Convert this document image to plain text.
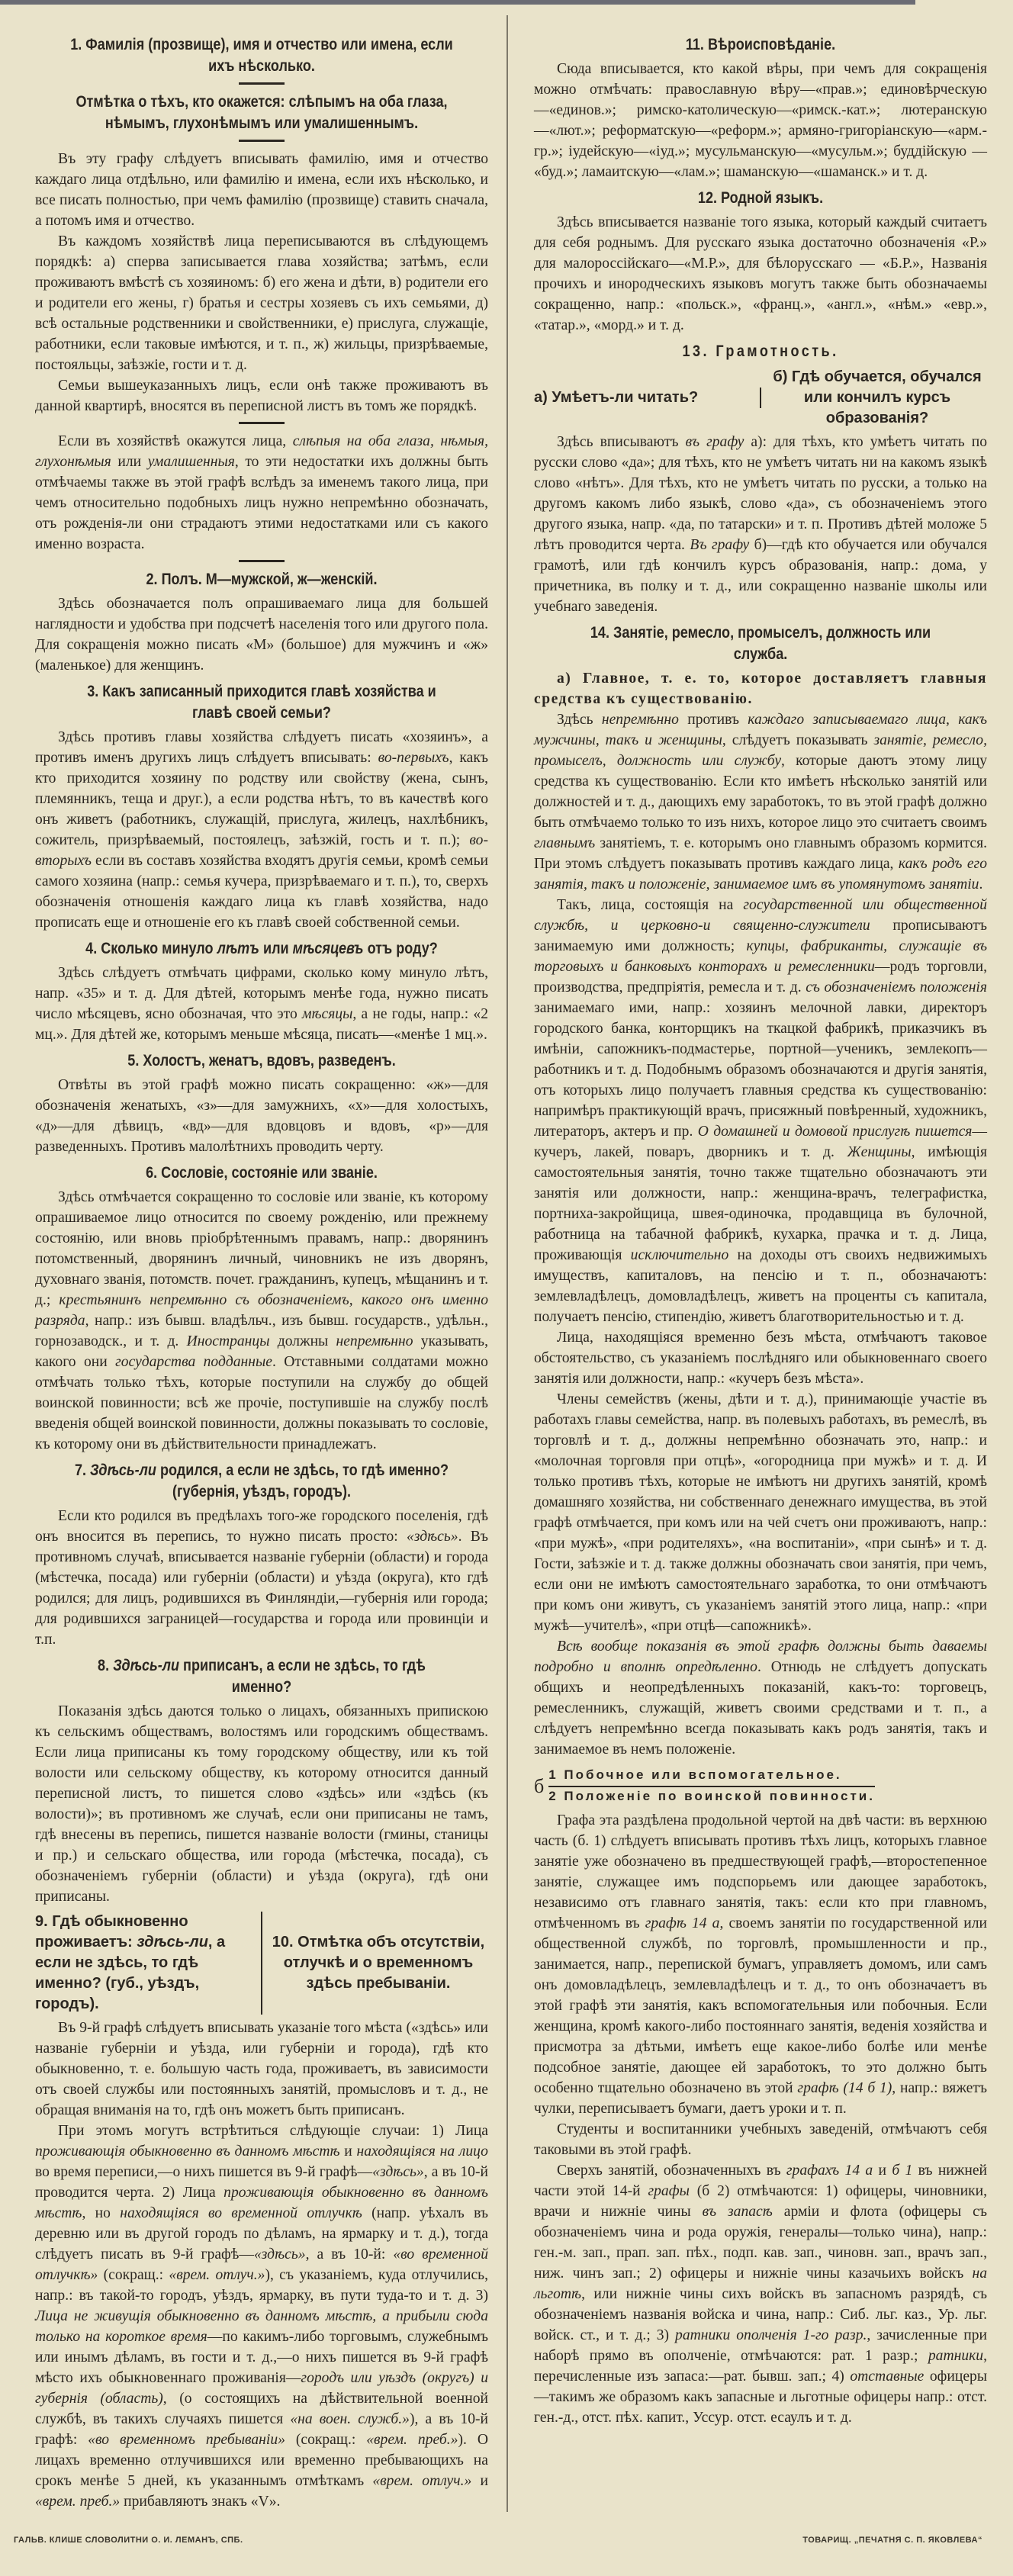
1. Фамилія (прозвище), имя и отчество или имена, если ихъ нѣсколько.
Отмѣтка о тѣхъ, кто окажется: слѣпымъ на оба глаза, нѣмымъ, глухонѣмымъ или умалишеннымъ.
Въ эту графу слѣдуетъ вписывать фамилію, имя и отчество каждаго лица отдѣльно, или фамилію и имена, если ихъ нѣсколько, и все писать полностью, при чемъ фамилію (прозвище) ставить сначала, а потомъ имя и отчество.
Въ каждомъ хозяйствѣ лица переписываются въ слѣдующемъ порядкѣ: а) сперва записывается глава хозяйства; затѣмъ, если проживаютъ вмѣстѣ съ хозяиномъ: б) его жена и дѣти, в) родители его и родители его жены, г) братья и сестры хозяевъ съ ихъ семьями, д) всѣ остальные родственники и свойственники, е) прислуга, служащіе, работники, если таковые имѣются, и т. п., ж) жильцы, призрѣваемые, постояльцы, заѣзжіе, гости и т. д.
Семьи вышеуказанныхъ лицъ, если онѣ также проживаютъ въ данной квартирѣ, вносятся въ переписной листъ въ томъ же порядкѣ.
Если въ хозяйствѣ окажутся лица, слѣпыя на оба глаза, нѣмыя, глухонѣмыя или умалишенныя, то эти недостатки ихъ должны быть отмѣчаемы также въ этой графѣ вслѣдъ за именемъ такого лица, при чемъ относительно подобныхъ лицъ нужно непремѣнно обозначать, отъ рожденія-ли они страдаютъ этими недостатками или съ какого именно возраста.
2. Полъ. М—мужской, ж—женскій.
Здѣсь обозначается полъ опрашиваемаго лица для большей наглядности и удобства при подсчетѣ населенія того или другого пола. Для сокращенія можно писать «М» (большое) для мужчинъ и «ж» (маленькое) для женщинъ.
3. Какъ записанный приходится главѣ хозяйства и главѣ своей семьи?
Здѣсь противъ главы хозяйства слѣдуетъ писать «хозяинъ», а противъ именъ другихъ лицъ слѣдуетъ вписывать: во-первыхъ, какъ кто приходится хозяину по родству или свойству (жена, сынъ, племянникъ, теща и друг.), а если родства нѣтъ, то въ качествѣ кого онъ живетъ (работникъ, служащій, прислуга, жилецъ, нахлѣбникъ, сожитель, призрѣваемый, постоялецъ, заѣзжій, гость и т. п.); во-вторыхъ если въ составъ хозяйства входятъ другія семьи, кромѣ семьи самого хозяина (напр.: семья кучера, призрѣваемаго и т. п.), то, сверхъ обозначенія отношенія каждаго лица къ главѣ хозяйства, надо прописать еще и отношеніе его къ главѣ своей собственной семьи.
4. Сколько минуло лѣтъ или мѣсяцевъ отъ роду?
Здѣсь слѣдуетъ отмѣчать цифрами, сколько кому минуло лѣтъ, напр. «35» и т. д. Для дѣтей, которымъ менѣе года, нужно писать число мѣсяцевъ, ясно обозначая, что это мѣсяцы, а не годы, напр.: «2 мц.». Для дѣтей же, которымъ меньше мѣсяца, писать—«менѣе 1 мц.».
5. Холостъ, женатъ, вдовъ, разведенъ.
Отвѣты въ этой графѣ можно писать сокращенно: «ж»—для обозначенія женатыхъ, «з»—для замужнихъ, «х»—для холостыхъ, «д»—для дѣвицъ, «вд»—для вдовцовъ и вдовъ, «р»—для разведенныхъ. Противъ малолѣтнихъ проводить черту.
6. Сословіе, состояніе или званіе.
Здѣсь отмѣчается сокращенно то сословіе или званіе, къ которому опрашиваемое лицо относится по своему рожденію, или прежнему состоянію, или вновь пріобрѣтеннымъ правамъ, напр.: дворянинъ потомственный, дворянинъ личный, чиновникъ не изъ дворянъ, духовнаго званія, потомств. почет. гражданинъ, купецъ, мѣщанинъ и т. д.; крестьянинъ непремѣнно съ обозначеніемъ, какого онъ именно разряда, напр.: изъ бывш. владѣльч., изъ бывш. государств., удѣльн., горнозаводск., и т. д. Иностранцы должны непремѣнно указывать, какого они государства подданные. Отставными солдатами можно отмѣчать только тѣхъ, которые поступили на службу до общей воинской повинности; всѣ же прочіе, поступившіе на службу послѣ введенія общей воинской повинности, должны показывать то сословіе, къ которому они въ дѣйствительности принадлежатъ.
7. Здѣсь-ли родился, а если не здѣсь, то гдѣ именно? (губернія, уѣздъ, городъ).
Если кто родился въ предѣлахъ того-же городского поселенія, гдѣ онъ вносится въ перепись, то нужно писать просто: «здѣсь». Въ противномъ случаѣ, вписывается названіе губерніи (области) и города (мѣстечка, посада) или губерніи (области) и уѣзда (округа), кто гдѣ родился; для лицъ, родившихся въ Финляндіи,—губернія или города; для родившихся заграницей—государства и города или провинціи и т.п.
8. Здѣсь-ли приписанъ, а если не здѣсь, то гдѣ именно?
Показанія здѣсь даются только о лицахъ, обязанныхъ припискою къ сельскимъ обществамъ, волостямъ или городскимъ обществамъ. Если лица приписаны къ тому городскому обществу, или къ той волости или сельскому обществу, къ которому относится данный переписной листъ, то пишется слово «здѣсь» или «здѣсь (къ волости)»; въ противномъ же случаѣ, если они приписаны не тамъ, гдѣ внесены въ перепись, пишется названіе волости (гмины, станицы и пр.) и сельскаго общества, или города (мѣстечка, посада), съ обозначеніемъ губерніи (области) и уѣзда (округа), гдѣ они приписаны.
9. Гдѣ обыкновенно проживаетъ: здѣсь-ли, а если не здѣсь, то гдѣ именно? (губ., уѣздъ, городъ).
10. Отмѣтка объ отсутствіи, отлучкѣ и о временномъ здѣсь пребываніи.
Въ 9-й графѣ слѣдуетъ вписывать указаніе того мѣста («здѣсь» или названіе губерніи и уѣзда, или губерніи и города), гдѣ кто обыкновенно, т. е. большую часть года, проживаетъ, въ зависимости отъ своей службы или постоянныхъ занятій, промысловъ и т. д., не обращая вниманія на то, гдѣ онъ можетъ быть приписанъ.
При этомъ могутъ встрѣтиться слѣдующіе случаи: 1) Лица проживающія обыкновенно въ данномъ мѣстѣ и находящіяся на лицо во время переписи,—о нихъ пишется въ 9-й графѣ—«здѣсь», а въ 10-й проводится черта. 2) Лица проживающія обыкновенно въ данномъ мѣстѣ, но находящіяся во временной отлучкѣ (напр. уѣхалъ въ деревню или въ другой городъ по дѣламъ, на ярмарку и т. д.), тогда слѣдуетъ писать въ 9-й графѣ—«здѣсь», а въ 10-й: «во временной отлучкѣ» (сокращ.: «врем. отлуч.»), съ указаніемъ, куда отлучились, напр.: въ такой-то городъ, уѣздъ, ярмарку, въ пути туда-то и т. д. 3) Лица не живущія обыкновенно въ данномъ мѣстѣ, а прибыли сюда только на короткое время—по какимъ-либо торговымъ, служебнымъ или инымъ дѣламъ, въ гости и т. д.,—о нихъ пишется въ 9-й графѣ мѣсто ихъ обыкновеннаго проживанія—городъ или уѣздъ (округъ) и губернія (область), (о состоящихъ на дѣйствительной военной службѣ, въ такихъ случаяхъ пишется «на воен. служб.»), а въ 10-й графѣ: «во временномъ пребываніи» (сокращ.: «врем. преб.»). О лицахъ временно отлучившихся или временно пребывающихъ на срокъ менѣе 5 дней, къ указаннымъ отмѣткамъ «врем. отлуч.» и «врем. преб.» прибавляютъ знакъ «V».
11. Вѣроисповѣданіе.
Сюда вписывается, кто какой вѣры, при чемъ для сокращенія можно отмѣчать: православную вѣру—«прав.»; единовѣрческую—«единов.»; римско-католическую—«римск.-кат.»; лютеранскую—«лют.»; реформатскую—«реформ.»; армяно-григоріанскую—«арм.-гр.»; іудейскую—«іуд.»; мусульманскую—«мусульм.»; буддійскую — «буд.»; ламаитскую—«лам.»; шаманскую—«шаманск.» и т. д.
12. Родной языкъ.
Здѣсь вписывается названіе того языка, который каждый считаетъ для себя роднымъ. Для русскаго языка достаточно обозначенія «Р.» для малороссійскаго—«М.Р.», для бѣлорусскаго — «Б.Р.», Названія прочихъ и инородческихъ языковъ могутъ также быть обозначаемы сокращенно, напр.: «польск.», «франц.», «англ.», «нѣм.» «евр.», «татар.», «морд.» и т. д.
13. Грамотность.
а) Умѣетъ-ли читать?
б) Гдѣ обучается, обучался или кончилъ курсъ образованія?
Здѣсь вписываютъ въ графу а): для тѣхъ, кто умѣетъ читать по русски слово «да»; для тѣхъ, кто не умѣетъ читать ни на какомъ языкѣ слово «нѣтъ». Для тѣхъ, кто не умѣетъ читать по русски, а только на другомъ какомъ либо языкѣ, слово «да», съ обозначеніемъ этого другого языка, напр. «да, по татарски» и т. п. Противъ дѣтей моложе 5 лѣтъ проводится черта. Въ графу б)—гдѣ кто обучается или обучался грамотѣ, или гдѣ кончилъ курсъ образованія, напр.: дома, у причетника, въ полку и т. д., или сокращенно названіе школы или учебнаго заведенія.
14. Занятіе, ремесло, промыселъ, должность или служба.
а) Главное, т. е. то, которое доставляетъ главныя средства къ существованію.
Здѣсь непремѣнно противъ каждаго записываемаго лица, какъ мужчины, такъ и женщины, слѣдуетъ показывать занятіе, ремесло, промыселъ, должность или службу, которые даютъ этому лицу средства къ существованію. Если кто имѣетъ нѣсколько занятій или должностей и т. д., дающихъ ему заработокъ, то въ этой графѣ должно быть отмѣчаемо только то изъ нихъ, которое лицо это считаетъ своимъ главнымъ занятіемъ, т. е. которымъ оно главнымъ образомъ кормится. При этомъ слѣдуетъ показывать противъ каждаго лица, какъ родъ его занятія, такъ и положеніе, занимаемое имъ въ упомянутомъ занятіи.
Такъ, лица, состоящія на государственной или общественной службѣ, и церковно-и священно-служители прописываютъ занимаемую ими должность; купцы, фабриканты, служащіе въ торговыхъ и банковыхъ конторахъ и ремесленники—родъ торговли, производства, предпріятія, ремесла и т. д. съ обозначеніемъ положенія занимаемаго ими, напр.: хозяинъ мелочной лавки, директоръ городского банка, конторщикъ на ткацкой фабрикѣ, приказчикъ въ имѣніи, сапожникъ-подмастерье, портной—ученикъ, землекопъ—работникъ и т. д. Подобнымъ образомъ обозначаются и другія занятія, отъ которыхъ лицо получаетъ главныя средства къ существованію: напримѣръ практикующій врачъ, присяжный повѣренный, художникъ, литераторъ, актеръ и пр. О домашней и домовой прислугѣ пишется—кучеръ, лакей, поваръ, дворникъ и т. д. Женщины, имѣющія самостоятельныя занятія, точно также тщательно обозначаютъ эти занятія или должности, напр.: женщина-врачъ, телеграфистка, портниха-закройщица, швея-одиночка, продавщица въ булочной, работница на табачной фабрикѣ, кухарка, прачка и т. д. Лица, проживающія исключительно на доходы отъ своихъ недвижимыхъ имуществъ, капиталовъ, на пенсію и т. п., обозначаютъ: землевладѣлецъ, домовладѣлецъ, живетъ на проценты съ капитала, получаетъ пенсію, стипендію, живетъ благотворительностью и т. д.
Лица, находящіяся временно безъ мѣста, отмѣчаютъ таковое обстоятельство, съ указаніемъ послѣдняго или обыкновеннаго своего занятія или должности, напр.: «кучеръ безъ мѣста».
Члены семействъ (жены, дѣти и т. д.), принимающіе участіе въ работахъ главы семейства, напр. въ полевыхъ работахъ, въ ремеслѣ, въ торговлѣ и т. д., должны непремѣнно обозначать это, напр.: и «молочная торговля при отцѣ», «огородница при мужѣ» и т. д. И только противъ тѣхъ, которые не имѣютъ ни другихъ занятій, кромѣ домашняго хозяйства, ни собственнаго денежнаго имущества, въ этой графѣ отмѣчается, при комъ или на чей счетъ они проживаютъ, напр.: «при мужѣ», «при родителяхъ», «на воспитаніи», «при сынѣ» и т. д. Гости, заѣзжіе и т. д. также должны обозначать свои занятія, при чемъ, если они не имѣютъ самостоятельнаго заработка, то они отмѣчаютъ при комъ они живутъ, съ указаніемъ занятій этого лица, напр.: «при мужѣ—учителѣ», «при отцѣ—сапожникѣ».
Всѣ вообще показанія въ этой графѣ должны быть даваемы подробно и вполнѣ опредѣленно. Отнюдь не слѣдуетъ допускать общихъ и неопредѣленныхъ показаній, какъ-то: торговецъ, ремесленникъ, служащій, живетъ своими средствами и т. п., а слѣдуетъ непремѣнно всегда показывать какъ родъ занятія, такъ и занимаемое въ немъ положеніе.
б 1 Побочное или вспомогательное.
2 Положеніе по воинской повинности.
Графа эта раздѣлена продольной чертой на двѣ части: въ верхнюю часть (б. 1) слѣдуетъ вписывать противъ тѣхъ лицъ, которыхъ главное занятіе уже обозначено въ предшествующей графѣ,—второстепенное занятіе, служащее имъ подспорьемъ или дающее заработокъ, независимо отъ главнаго занятія, такъ: если кто при главномъ, отмѣченномъ въ графѣ 14 а, своемъ занятіи по государственной или общественной службѣ, по торговлѣ, промышленности и пр., занимается, напр., перепиской бумагъ, управляетъ домомъ, или самъ онъ домовладѣлецъ, землевладѣлецъ и т. д., то онъ обозначаетъ въ этой графѣ эти занятія, какъ вспомогательныя или побочныя. Если женщина, кромѣ какого-либо постояннаго занятія, веденія хозяйства и присмотра за дѣтьми, имѣетъ еще какое-либо болѣе или менѣе подсобное занятіе, дающее ей заработокъ, то это должно быть особенно тщательно обозначено въ этой графѣ (14 б 1), напр.: вяжетъ чулки, переписываетъ бумаги, даетъ уроки и т. п.
Студенты и воспитанники учебныхъ заведеній, отмѣчаютъ себя таковыми въ этой графѣ.
Сверхъ занятій, обозначенныхъ въ графахъ 14 а и б 1 въ нижней части этой 14-й графы (б 2) отмѣчаются: 1) офицеры, чиновники, врачи и нижніе чины въ запасѣ арміи и флота (офицеры съ обозначеніемъ чина и рода оружія, генералы—только чина), напр.: ген.-м. зап., прап. зап. пѣх., подп. кав. зап., чиновн. зап., врачъ зап., ниж. чинъ зап.; 2) офицеры и нижніе чины казачьихъ войскъ на льготѣ, или нижніе чины сихъ войскъ въ запасномъ разрядѣ, съ обозначеніемъ названія войска и чина, напр.: Сиб. льг. каз., Ур. льг. войск. ст., и т. д.; 3) ратники ополченія 1-го разр., зачисленные при наборѣ прямо въ ополченіе, отмѣчаются: рат. 1 разр.; ратники, перечисленные изъ запаса:—рат. бывш. зап.; 4) отставные офицеры—такимъ же образомъ какъ запасные и льготные офицеры напр.: отст. ген.-д., отст. пѣх. капит., Уссур. отст. есаулъ и т. д.
ГАЛЬВ. КЛИШЕ СЛОВОЛИТНИ О. И. ЛЕМАНЪ, СПБ.	ТОВАРИЩ. „ПЕЧАТНЯ С. П. ЯКОВЛЕВА“
